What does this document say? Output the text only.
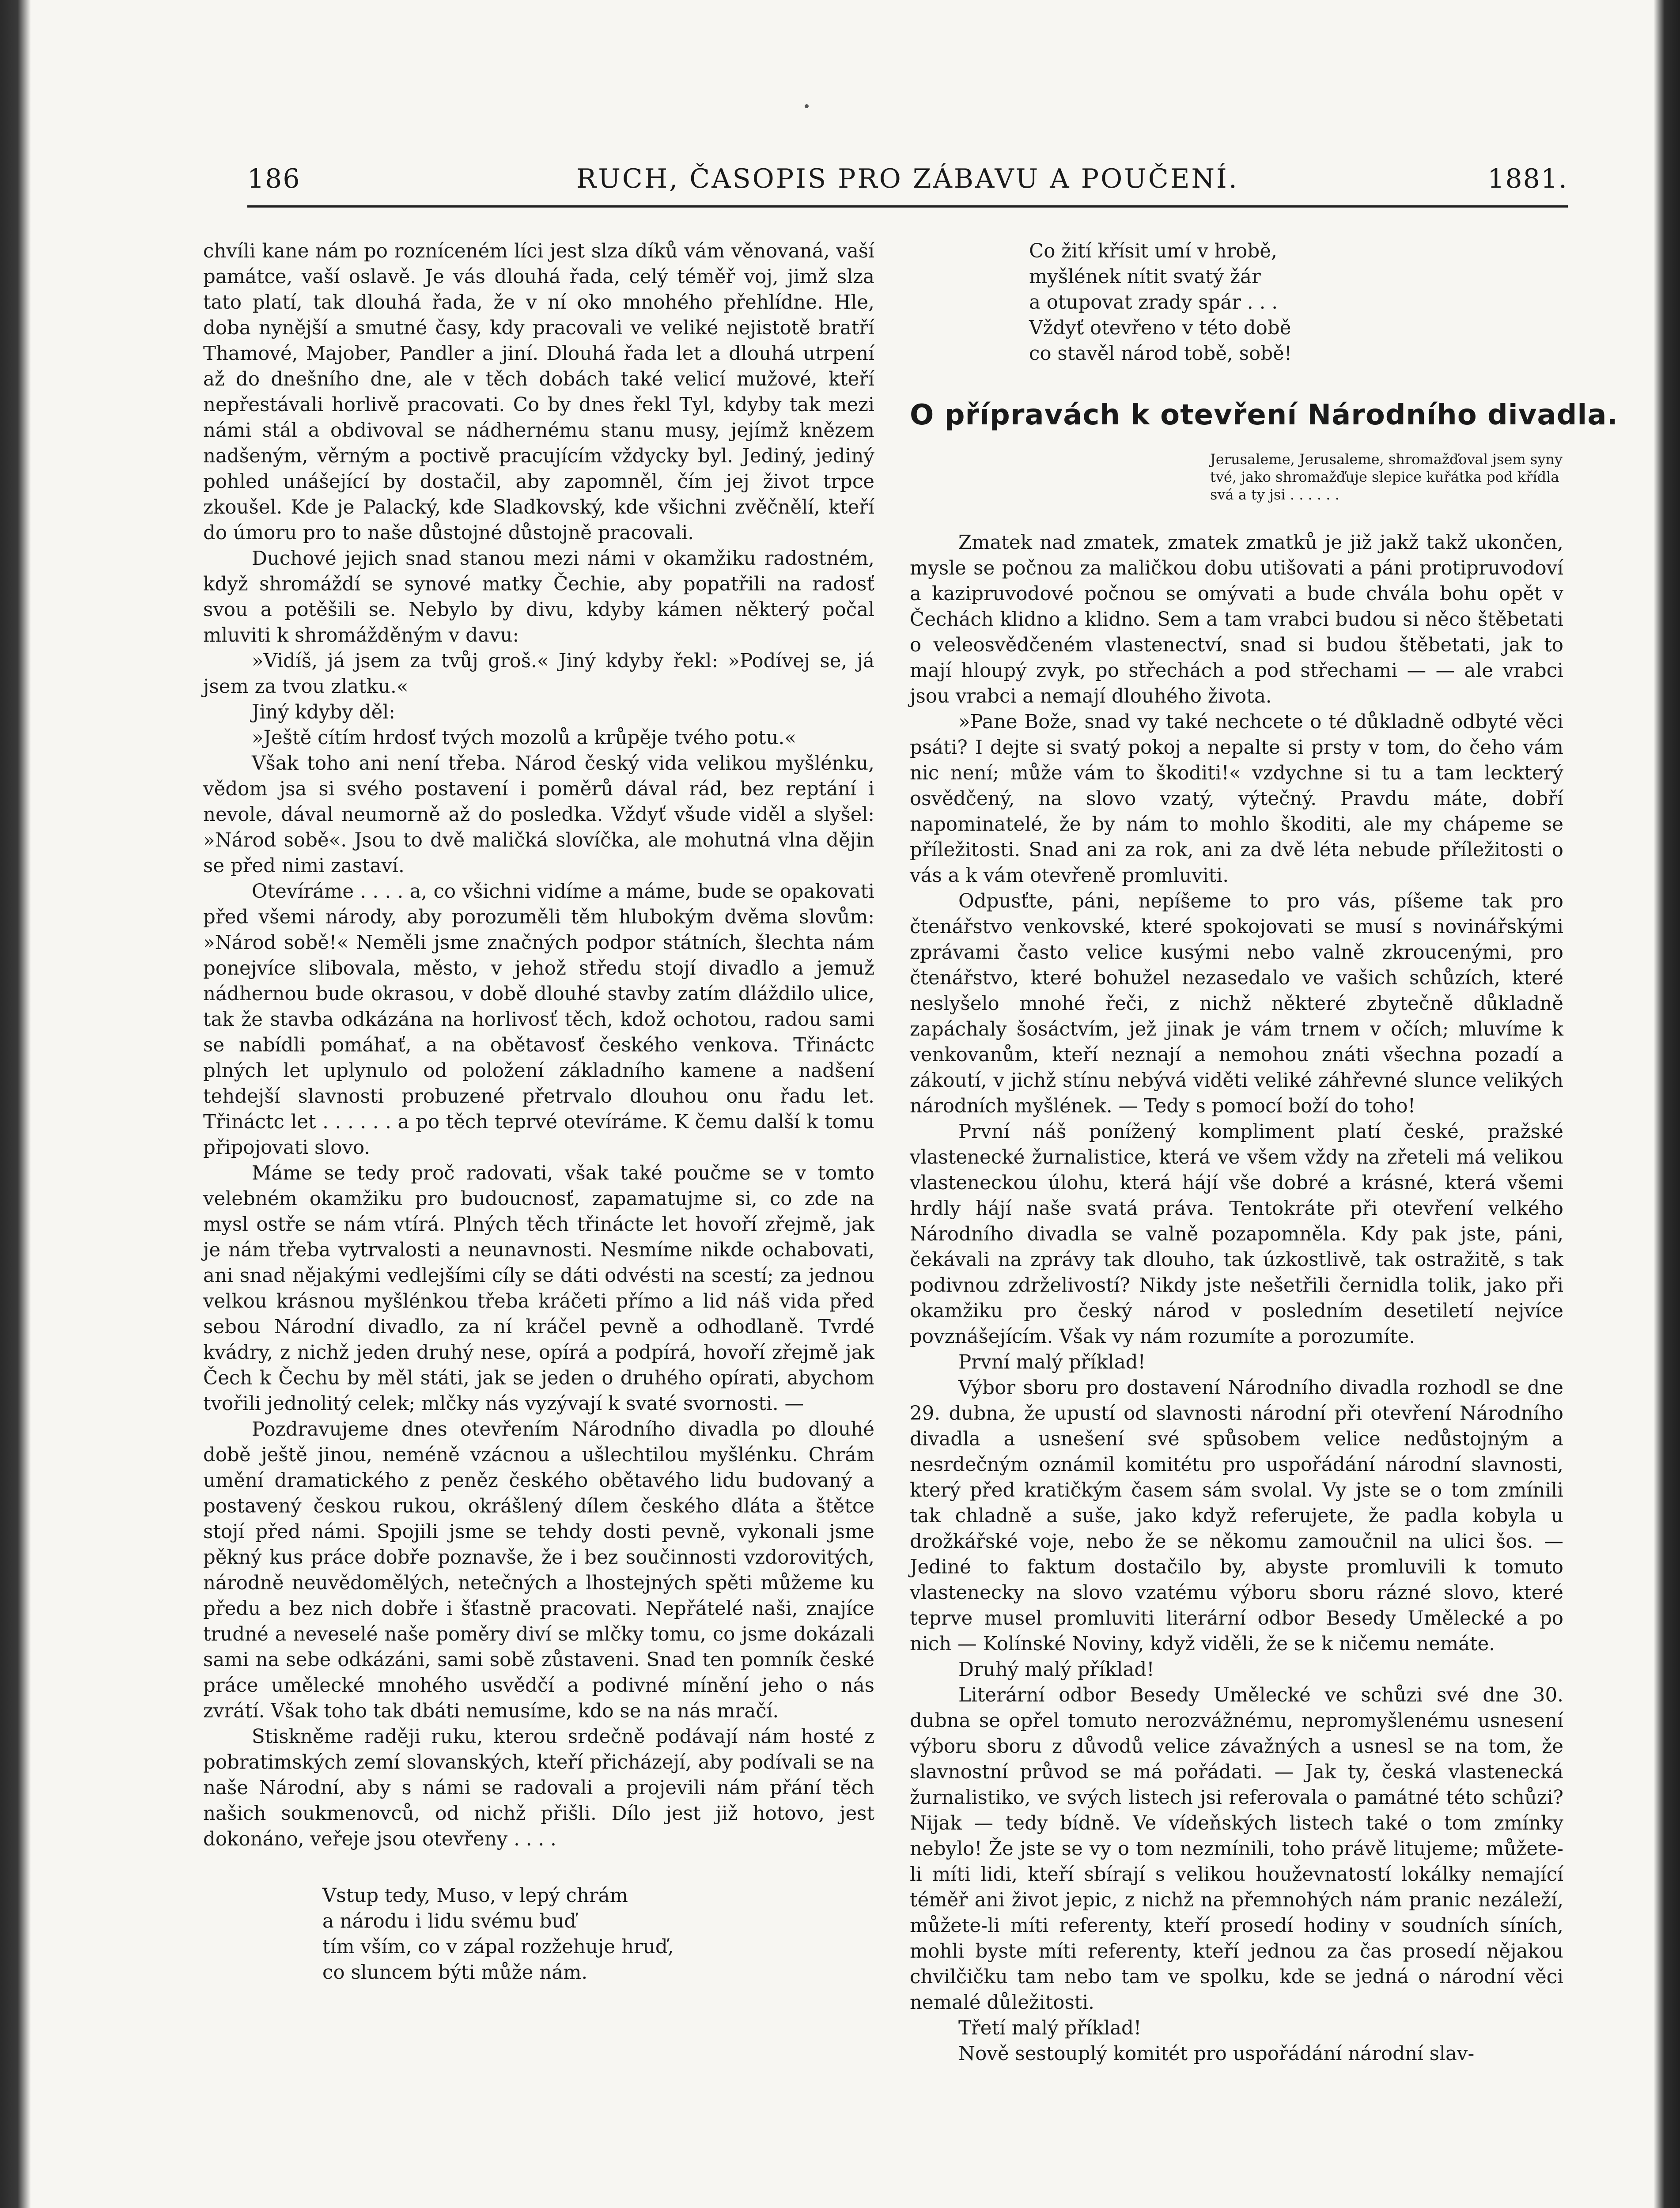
186	RUCH, ČASOPIS PRO ZÁBAVU A POUČENÍ.	1881.

chvíli kane nám po rozníceném líci jest slza díků vám věnovaná, vaší památce, vaší oslavě. Je vás dlouhá řada, celý téměř voj, jimž slza tato platí, tak dlouhá řada, že v ní oko mnohého přehlídne. Hle, doba nynější a smutné časy, kdy pracovali ve veliké nejistotě bratří Thamové, Majober, Pandler a jiní. Dlouhá řada let a dlouhá utrpení až do dnešního dne, ale v těch dobách také velicí mužové, kteří nepřestávali horlivě pracovati. Co by dnes řekl Tyl, kdyby tak mezi námi stál a obdivoval se nádhernému stanu musy, jejímž knězem nadšeným, věrným a poctivě pracujícím vždycky byl. Jediný, jediný pohled unášející by dostačil, aby zapomněl, čím jej život trpce zkoušel. Kde je Palacký, kde Sladkovský, kde všichni zvěčnělí, kteří do úmoru pro to naše důstojné důstojně pracovali.

Duchové jejich snad stanou mezi námi v okamžiku radostném, když shromáždí se synové matky Čechie, aby popatřili na radosť svou a potěšili se. Nebylo by divu, kdyby kámen některý počal mluviti k shromážděným v davu:

»Vidíš, já jsem za tvůj groš.« Jiný kdyby řekl: »Podívej se, já jsem za tvou zlatku.«

Jiný kdyby děl:

»Ještě cítím hrdosť tvých mozolů a krůpěje tvého potu.«

Však toho ani není třeba. Národ český vida velikou myšlénku, vědom jsa si svého postavení i poměrů dával rád, bez reptání i nevole, dával neumorně až do posledka. Vždyť všude viděl a slyšel: »Národ sobě«. Jsou to dvě maličká slovíčka, ale mohutná vlna dějin se před nimi zastaví.

Otevíráme . . . . a, co všichni vidíme a máme, bude se opakovati před všemi národy, aby porozuměli těm hlubokým dvěma slovům: »Národ sobě!« Neměli jsme značných podpor státních, šlechta nám ponejvíce slibovala, město, v jehož středu stojí divadlo a jemuž nádhernou bude okrasou, v době dlouhé stavby zatím dláždilo ulice, tak že stavba odkázána na horlivosť těch, kdož ochotou, radou sami se nabídli pomáhať, a na obětavosť českého venkova. Třináctc plných let uplynulo od položení základního kamene a nadšení tehdejší slavnosti probuzené přetrvalo dlouhou onu řadu let. Třináctc let . . . . . . a po těch teprvé otevíráme. K čemu další k tomu připojovati slovo.

Máme se tedy proč radovati, však také poučme se v tomto velebném okamžiku pro budoucnosť, zapamatujme si, co zde na mysl ostře se nám vtírá. Plných těch třinácte let hovoří zřejmě, jak je nám třeba vytrvalosti a neunavnosti. Nesmíme nikde ochabovati, ani snad nějakými vedlejšími cíly se dáti odvésti na scestí; za jednou velkou krásnou myšlénkou třeba kráčeti přímo a lid náš vida před sebou Národní divadlo, za ní kráčel pevně a odhodlaně. Tvrdé kvádry, z nichž jeden druhý nese, opírá a podpírá, hovoří zřejmě jak Čech k Čechu by měl státi, jak se jeden o druhého opírati, abychom tvořili jednolitý celek; mlčky nás vyzývají k svaté svornosti. —

Pozdravujeme dnes otevřením Národního divadla po dlouhé době ještě jinou, neméně vzácnou a ušlechtilou myšlénku. Chrám umění dramatického z peněz českého obětavého lidu budovaný a postavený českou rukou, okrášlený dílem českého dláta a štětce stojí před námi. Spojili jsme se tehdy dosti pevně, vykonali jsme pěkný kus práce dobře poznavše, že i bez součinnosti vzdorovitých, národně neuvědomělých, netečných a lhostejných spěti můžeme ku předu a bez nich dobře i šťastně pracovati. Nepřátelé naši, znajíce trudné a neveselé naše poměry diví se mlčky tomu, co jsme dokázali sami na sebe odkázáni, sami sobě zůstaveni. Snad ten pomník české práce umělecké mnohého usvědčí a podivné mínění jeho o nás zvrátí. Však toho tak dbáti nemusíme, kdo se na nás mračí.

Stiskněme raději ruku, kterou srdečně podávají nám hosté z pobratimských zemí slovanských, kteří přicházejí, aby podívali se na naše Národní, aby s námi se radovali a projevili nám přání těch našich soukmenovců, od nichž přišli. Dílo jest již hotovo, jest dokonáno, veřeje jsou otevřeny . . . .

Vstup tedy, Muso, v lepý chrám
a národu i lidu svému buď
tím vším, co v zápal rozžehuje hruď,
co sluncem býti může nám.
Co žití křísit umí v hrobě,
myšlének nítit svatý žár
a otupovat zrady spár . . .
Vždyť otevřeno v této době
co stavěl národ tobě, sobě!
O přípravách k otevření Národního divadla.
Jerusaleme, Jerusaleme, shromažďoval jsem syny tvé, jako shromažďuje slepice kuřátka pod křídla svá a ty jsi . . . . . .

Zmatek nad zmatek, zmatek zmatků je již jakž takž ukončen, mysle se počnou za maličkou dobu utišovati a páni protipruvodoví a kazipruvodové počnou se omývati a bude chvála bohu opět v Čechách klidno a klidno. Sem a tam vrabci budou si něco štěbetati o veleosvědčeném vlastenectví, snad si budou štěbetati, jak to mají hloupý zvyk, po střechách a pod střechami — — ale vrabci jsou vrabci a nemají dlouhého života.

»Pane Bože, snad vy také nechcete o té důkladně odbyté věci psáti? I dejte si svatý pokoj a nepalte si prsty v tom, do čeho vám nic není; může vám to škoditi!« vzdychne si tu a tam leckterý osvědčený, na slovo vzatý, výtečný. Pravdu máte, dobří napominatelé, že by nám to mohlo škoditi, ale my chápeme se příležitosti. Snad ani za rok, ani za dvě léta nebude příležitosti o vás a k vám otevřeně promluviti.

Odpusťte, páni, nepíšeme to pro vás, píšeme tak pro čtenářstvo venkovské, které spokojovati se musí s novinářskými zprávami často velice kusými nebo valně zkroucenými, pro čtenářstvo, které bohužel nezasedalo ve vašich schůzích, které neslyšelo mnohé řeči, z nichž některé zbytečně důkladně zapáchaly šosáctvím, jež jinak je vám trnem v očích; mluvíme k venkovanům, kteří neznají a nemohou znáti všechna pozadí a zákoutí, v jichž stínu nebývá viděti veliké záhřevné slunce velikých národních myšlének. — Tedy s pomocí boží do toho!

První náš ponížený kompliment platí české, pražské vlastenecké žurnalistice, která ve všem vždy na zřeteli má velikou vlasteneckou úlohu, která hájí vše dobré a krásné, která všemi hrdly hájí naše svatá práva. Tentokráte při otevření velkého Národního divadla se valně pozapomněla. Kdy pak jste, páni, čekávali na zprávy tak dlouho, tak úzkostlivě, tak ostražitě, s tak podivnou zdrželivostí? Nikdy jste nešetřili černidla tolik, jako při okamžiku pro český národ v posledním desetiletí nejvíce povznášejícím. Však vy nám rozumíte a porozumíte.

První malý příklad!

Výbor sboru pro dostavení Národního divadla rozhodl se dne 29. dubna, že upustí od slavnosti národní při otevření Národního divadla a usnešení své spůsobem velice nedůstojným a nesrdečným oznámil komitétu pro uspořádání národní slavnosti, který před kratičkým časem sám svolal. Vy jste se o tom zmínili tak chladně a suše, jako když referujete, že padla kobyla u drožkářské voje, nebo že se někomu zamoučnil na ulici šos. — Jediné to faktum dostačilo by, abyste promluvili k tomuto vlastenecky na slovo vzatému výboru sboru rázné slovo, které teprve musel promluviti literární odbor Besedy Umělecké a po nich — Kolínské Noviny, když viděli, že se k ničemu nemáte.

Druhý malý příklad!

Literární odbor Besedy Umělecké ve schůzi své dne 30. dubna se opřel tomuto nerozvážnému, nepromyšlenému usnesení výboru sboru z důvodů velice závažných a usnesl se na tom, že slavnostní průvod se má pořádati. — Jak ty, česká vlastenecká žurnalistiko, ve svých listech jsi referovala o památné této schůzi? Nijak — tedy bídně. Ve vídeňských listech také o tom zmínky nebylo! Že jste se vy o tom nezmínili, toho právě litujeme; můžete-li míti lidi, kteří sbírají s velikou houževnatostí lokálky nemající téměř ani život jepic, z nichž na přemnohých nám pranic nezáleží, můžete-li míti referenty, kteří prosedí hodiny v soudních síních, mohli byste míti referenty, kteří jednou za čas prosedí nějakou chvilčičku tam nebo tam ve spolku, kde se jedná o národní věci nemalé důležitosti.

Třetí malý příklad!

Nově sestouplý komitét pro uspořádání národní slav-
